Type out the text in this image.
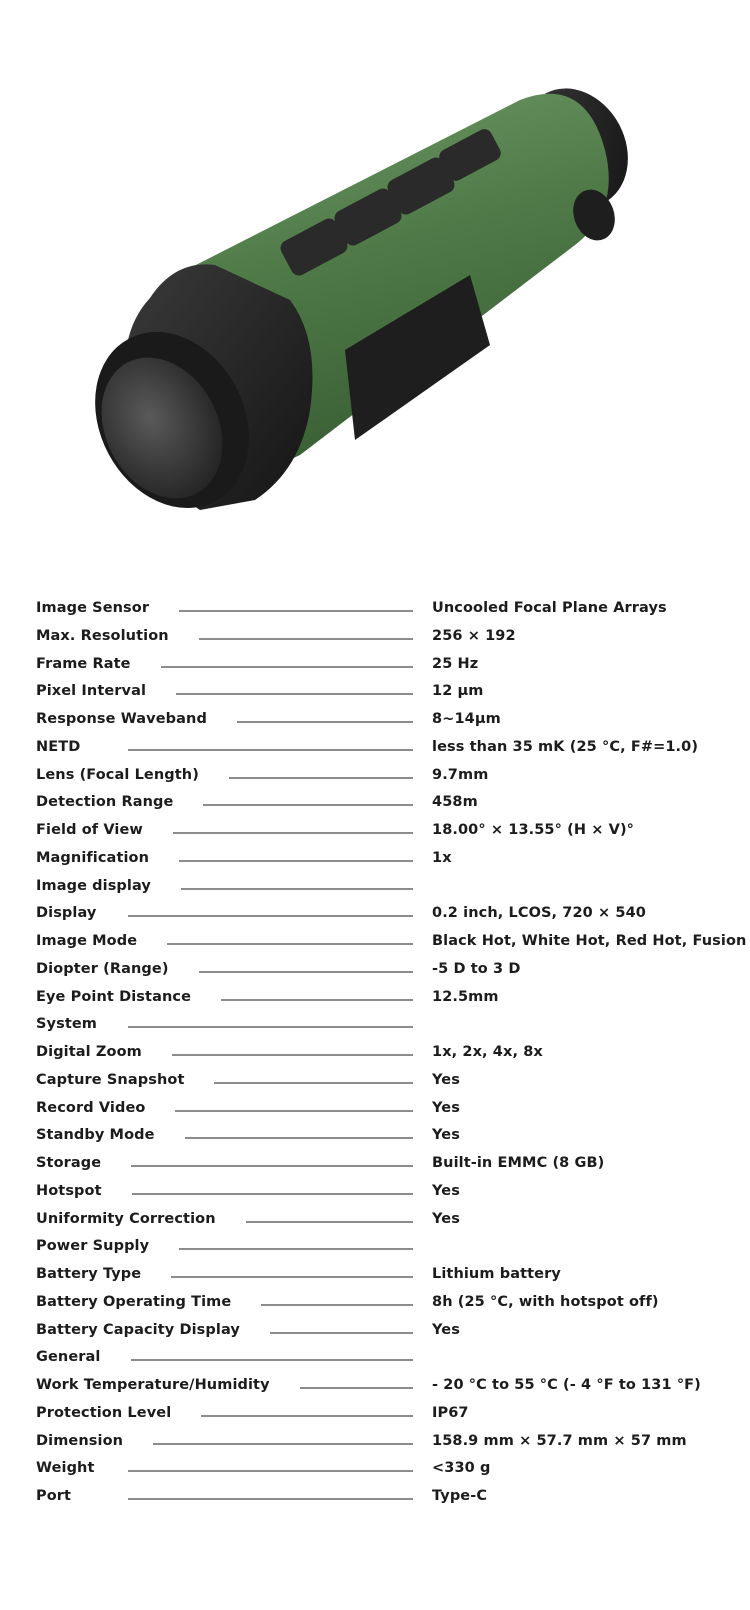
Image Sensor	Uncooled Focal Plane Arrays
Max. Resolution	256 × 192
Frame Rate	25 Hz
Pixel Interval	12 μm
Response Waveband	8~14μm
NETD	less than 35 mK (25 °C, F#=1.0)
Lens (Focal Length)	9.7mm
Detection Range	458m
Field of View	18.00° × 13.55° (H × V)°
Magnification	1x
Image display
Display	0.2 inch, LCOS, 720 × 540
Image Mode	Black Hot, White Hot, Red Hot, Fusion
Diopter (Range)	-5 D to 3 D
Eye Point Distance	12.5mm
System
Digital Zoom	1x, 2x, 4x, 8x
Capture Snapshot	Yes
Record Video	Yes
Standby Mode	Yes
Storage	Built-in EMMC (8 GB)
Hotspot	Yes
Uniformity Correction	Yes
Power Supply
Battery Type	Lithium battery
Battery Operating Time	8h (25 °C, with hotspot off)
Battery Capacity Display	Yes
General
Work Temperature/Humidity	- 20 °C to 55 °C (- 4 °F to 131 °F)
Protection Level	IP67
Dimension	158.9 mm × 57.7 mm × 57 mm
Weight	<330 g
Port	Type-C
